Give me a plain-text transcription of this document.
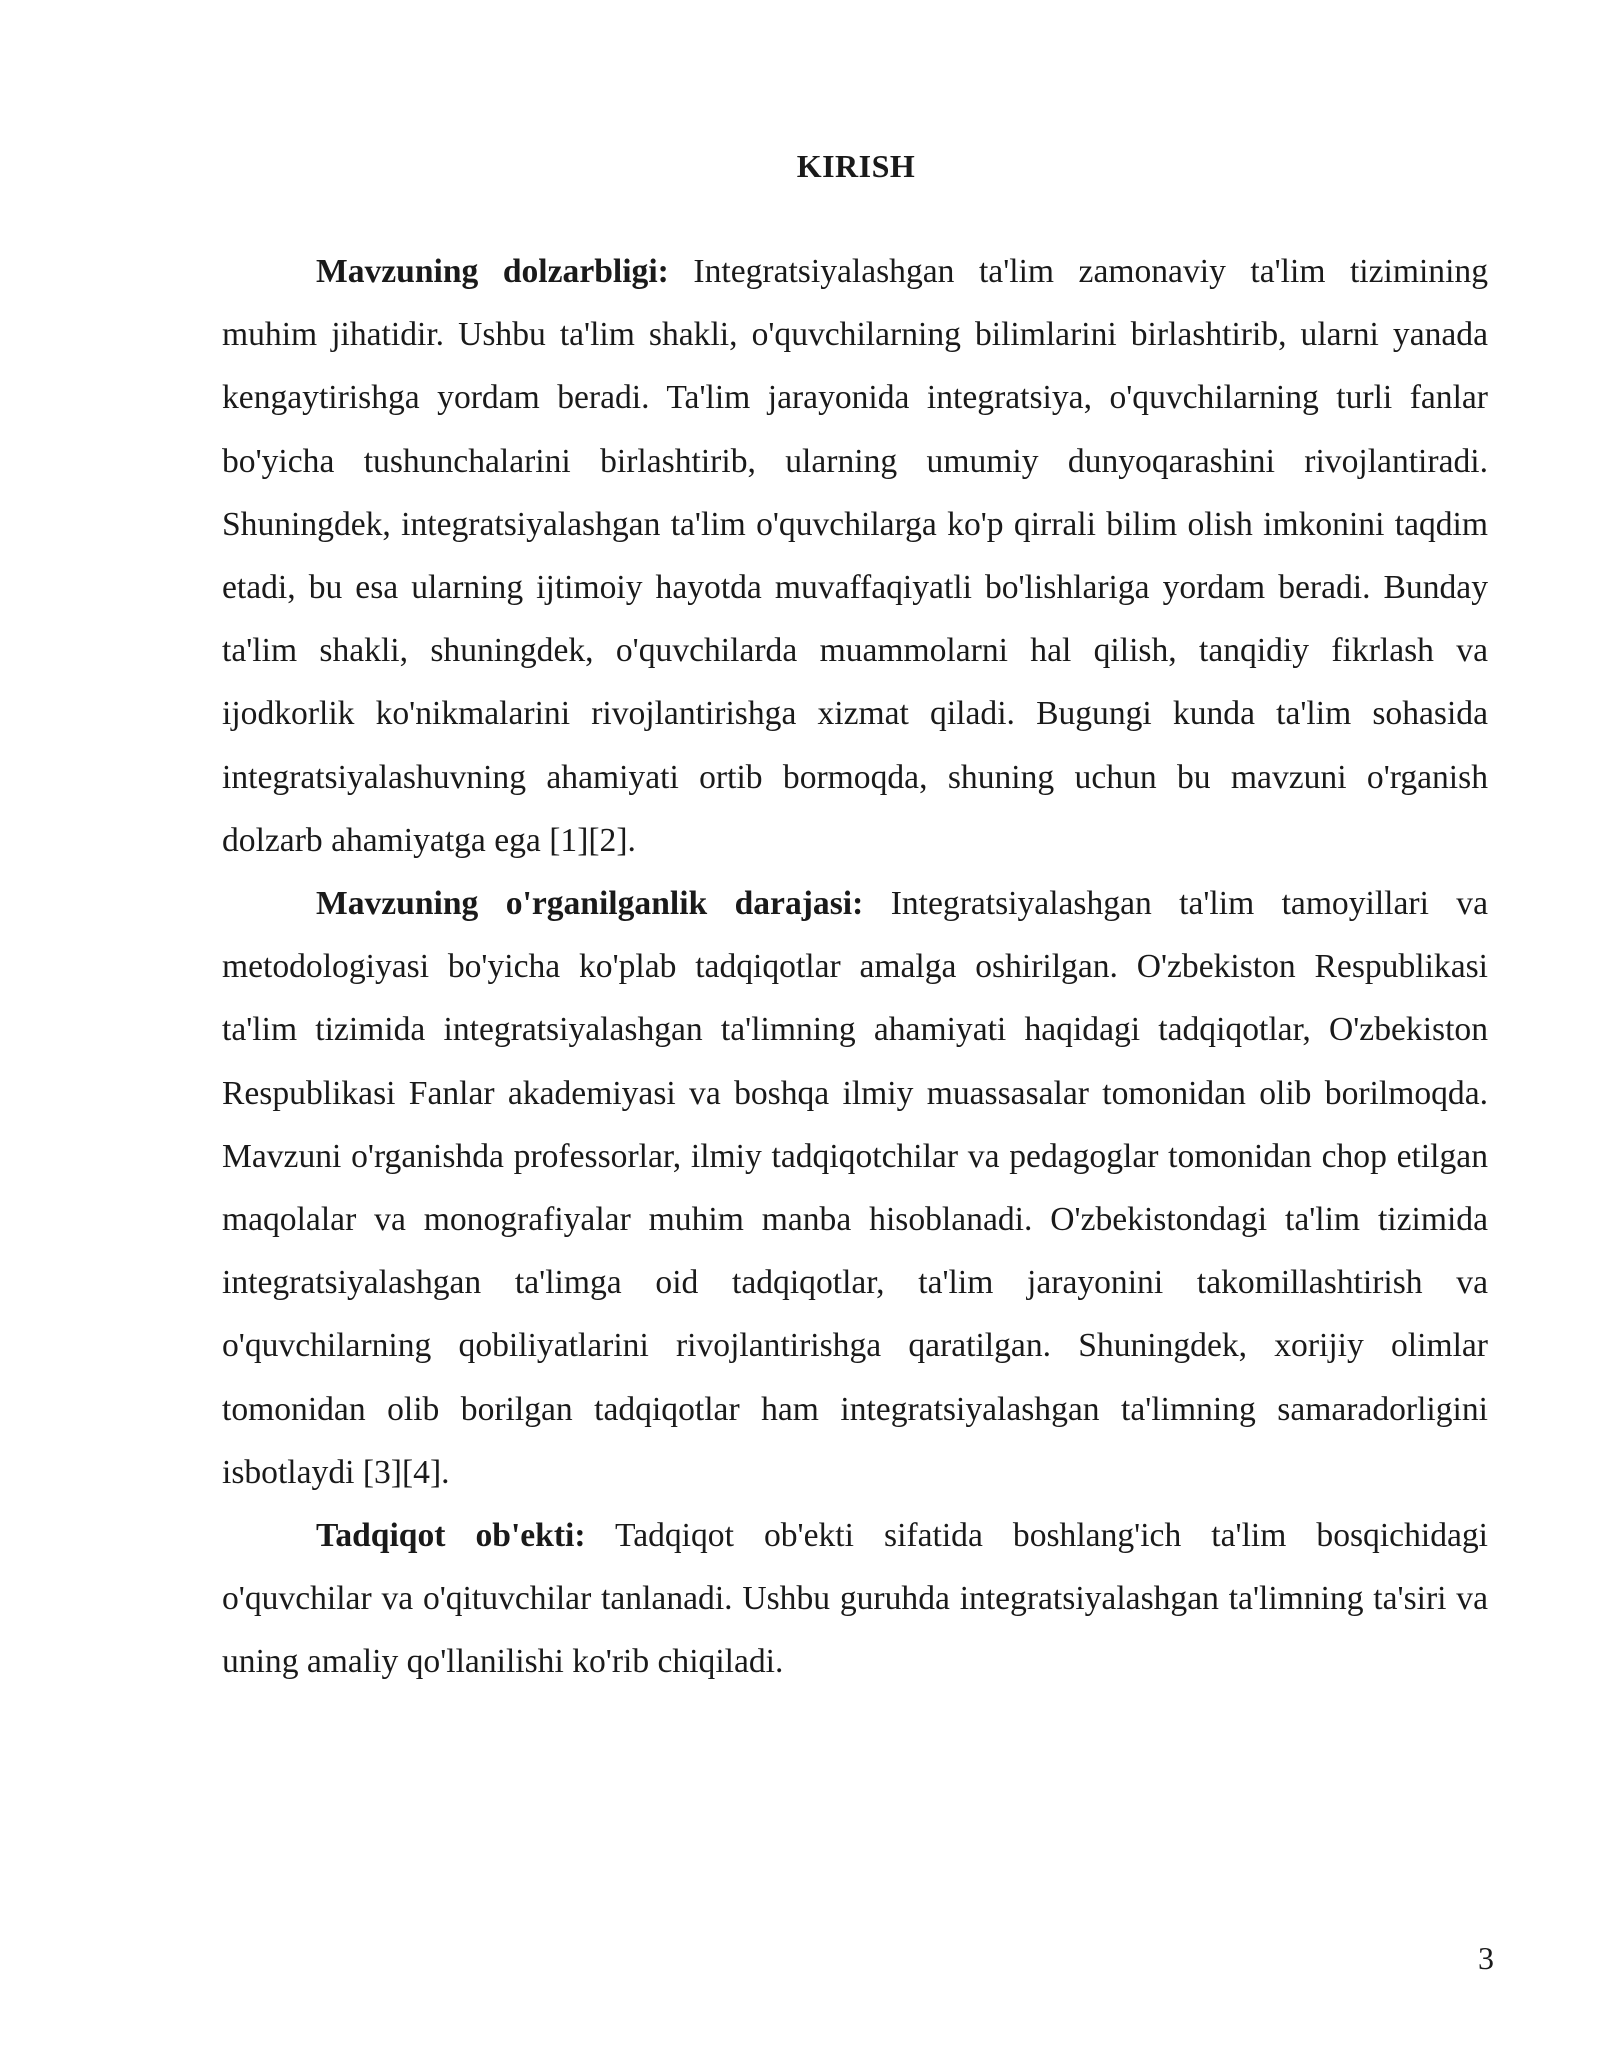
KIRISH

Mavzuning dolzarbligi: Integratsiyalashgan ta'lim zamonaviy ta'lim tizimining muhim jihatidir. Ushbu ta'lim shakli, o'quvchilarning bilimlarini birlashtirib, ularni yanada kengaytirishga yordam beradi. Ta'lim jarayonida integratsiya, o'quvchilarning turli fanlar bo'yicha tushunchalarini birlashtirib, ularning umumiy dunyoqarashini rivojlantiradi. Shuningdek, integratsiyalashgan ta'lim o'quvchilarga ko'p qirrali bilim olish imkonini taqdim etadi, bu esa ularning ijtimoiy hayotda muvaffaqiyatli bo'lishlariga yordam beradi. Bunday ta'lim shakli, shuningdek, o'quvchilarda muammolarni hal qilish, tanqidiy fikrlash va ijodkorlik ko'nikmalarini rivojlantirishga xizmat qiladi. Bugungi kunda ta'lim sohasida integratsiyalashuvning ahamiyati ortib bormoqda, shuning uchun bu mavzuni o'rganish dolzarb ahamiyatga ega [1][2].

Mavzuning o'rganilganlik darajasi: Integratsiyalashgan ta'lim tamoyillari va metodologiyasi bo'yicha ko'plab tadqiqotlar amalga oshirilgan. O'zbekiston Respublikasi ta'lim tizimida integratsiyalashgan ta'limning ahamiyati haqidagi tadqiqotlar, O'zbekiston Respublikasi Fanlar akademiyasi va boshqa ilmiy muassasalar tomonidan olib borilmoqda. Mavzuni o'rganishda professorlar, ilmiy tadqiqotchilar va pedagoglar tomonidan chop etilgan maqolalar va monografiyalar muhim manba hisoblanadi. O'zbekistondagi ta'lim tizimida integratsiyalashgan ta'limga oid tadqiqotlar, ta'lim jarayonini takomillashtirish va o'quvchilarning qobiliyatlarini rivojlantirishga qaratilgan. Shuningdek, xorijiy olimlar tomonidan olib borilgan tadqiqotlar ham integratsiyalashgan ta'limning samaradorligini isbotlaydi [3][4].

Tadqiqot ob'ekti: Tadqiqot ob'ekti sifatida boshlang'ich ta'lim bosqichidagi o'quvchilar va o'qituvchilar tanlanadi. Ushbu guruhda integratsiyalashgan ta'limning ta'siri va uning amaliy qo'llanilishi ko'rib chiqiladi.

3
